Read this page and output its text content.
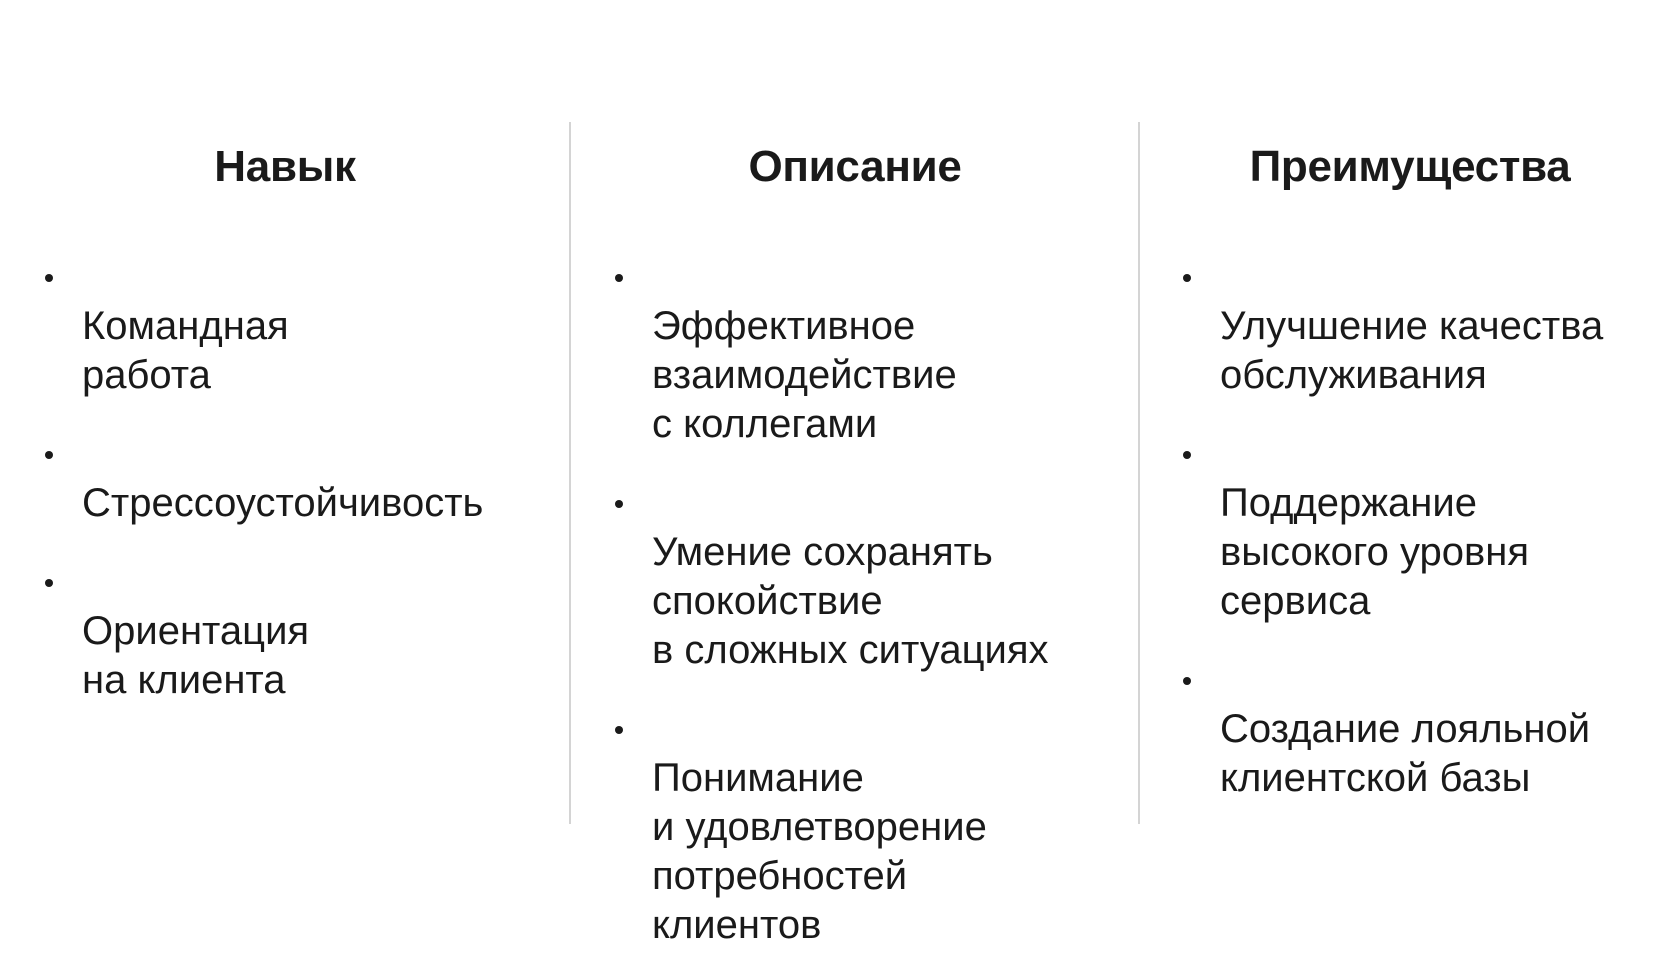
Навык

Командная
работа

Стрессоустойчивость

Ориентация
на клиента

Описание

Эффективное
взаимодействие
с коллегами

Умение сохранять
спокойствие
в сложных ситуациях

Понимание
и удовлетворение
потребностей
клиентов

Преимущества

Улучшение качества
обслуживания

Поддержание
высокого уровня
сервиса

Создание лояльной
клиентской базы
